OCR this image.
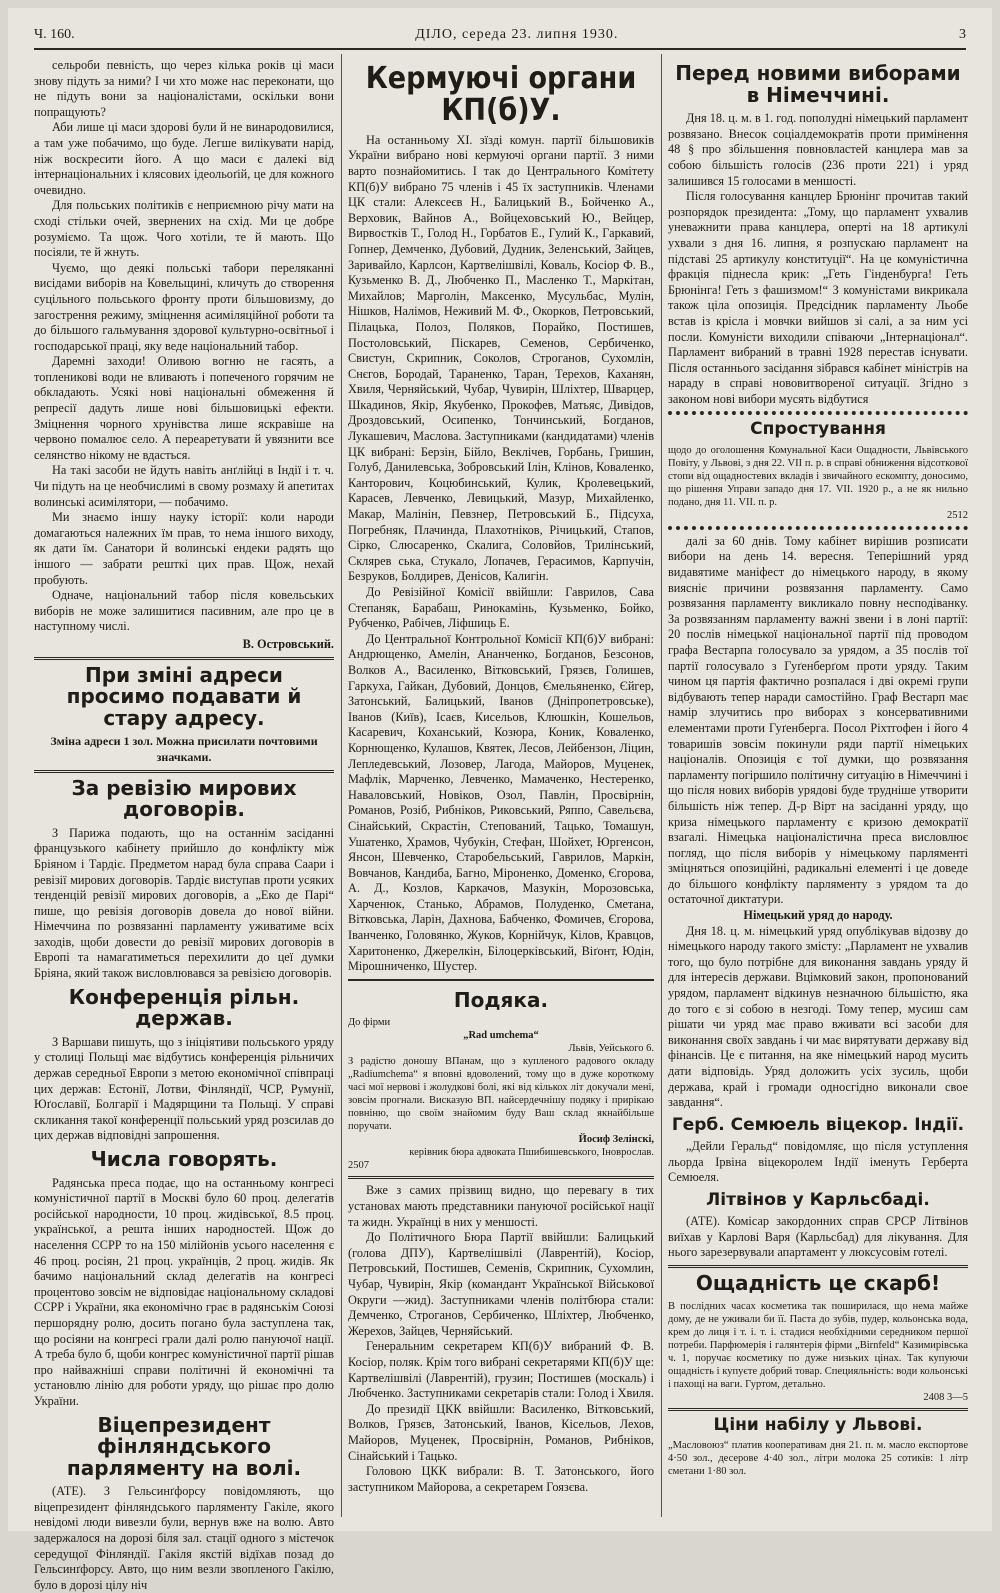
Ч. 160.	ДІЛО, середа 23. липня 1930.	3

сельроби певність, що через кілька років ці маси знову підуть за ними? І чи хто може нас переконати, що не підуть вони за націоналістами, оскільки вони попращують?

Аби лише ці маси здорові були й не винародовилися, а там уже побачимо, що буде. Легше вилікувати нарід, ніж воскресити його. А що маси є далекі від інтернаціональних і клясових ідеольоґій, це для кожного очевидно.

Для польських політиків є неприємною річу мати на сході стільки очей, звернених на схід. Ми це добре розуміємо. Та щож. Чого хотіли, те й мають. Що посіяли, те й жнуть.

Чуємо, що деякі польські табори переляканні висідами виборів на Ковельщині, кличуть до створення суцільного польського фронту проти більшовизму, до загострення режиму, зміцнення асиміляційної роботи та до більшого гальмування здорової культурно-освітньої і господарської праці, яку веде національний табор.

Даремні заходи! Оливою вогню не гасять, а топленикові води не вливають і попеченого горячим не обкладають. Усякі нові національні обмеження й репресії дадуть лише нові більшовицькі ефекти. Зміцнення чорного хрунівства лише яскравіше на червоно помалює село. А переаретувати й увязнити все селянство нікому не вдасться.

На такі засоби не йдуть навіть анґлійці в Індії і т. ч. Чи підуть на це необчислимі в свому розмаху й апетитах волинські асимілятори, — побачимо.

Ми знаємо іншу науку історії: коли народи домагаються належних їм прав, то нема іншого виходу, як дати їм. Санатори й волинські ендеки радять що іншого — забрати решткі цих прав. Щож, нехай пробують.

Одначе, національний табор після ковельських виборів не може залишитися пасивним, але про це в наступному числі.

В. Островський.
При зміні адреси просимо подавати й стару адресу.
Зміна адреси 1 зол. Можна присилати почтовими значками.
За ревізію мирових договорів.

З Парижа подають, що на останнім засіданні французького кабінету прийшло до конфлікту між Бріяном і Тардіє. Предметом нарад була справа Саари і ревізії мирових договорів. Тардіє виступав проти усяких тенденцій ревізії мирових договорів, а „Еко де Парі“ пише, що ревізія договорів довела до нової війни. Німеччина по розвязанні парламенту уживатиме всіх заходів, щоби довести до ревізії мирових договорів в Европі та намагатиметься перехилити до цеї думки Бріяна, який також висловлювався за ревізією договорів.

Конференція рільн. держав.

З Варшави пишуть, що з ініціятиви польського уряду у столиці Польщі має відбутись конференція рільничих держав середньої Европи з метою економічної співпраці цих держав: Естонії, Лотви, Фінляндії, ЧСР, Румунії, Юґославії, Болгарії і Мадярщини та Польщі. У справі скликання такої конференції польський уряд розсилав до цих держав відповідні запрошення.

Числа говорять.

Радянська преса подає, що на останньому конгресі комуністичної партії в Москві було 60 проц. делегатів російської народности, 10 проц. жидівської, 8.5 проц. української, а решта інших народностей. Щож до населення ССРР то на 150 мілійонів усього населення є 46 проц. росіян, 21 проц. українців, 2 проц. жидів. Як бачимо національний склад делегатів на конгресі процентово зовсім не відповідає національному складові ССРР і України, яка економічно грає в радянськім Союзі першорядну ролю, досить погано була заступлена так, що росіяни на конгресі грали далі ролю пануючої нації. А треба було б, щоби конгрес комуністичної партії рішав про найважніші справи політичні й економічні та установлю лінію для роботи уряду, що рішає про долю України.

Віцепрезидент фінляндського парляменту на волі.

(АТЕ). З Гельсинґфорсу повідомляють, що віцепрезидент фінляндського парляменту Гакіле, якого невідомі люди вивезли були, вернув вже на волю. Авто задержалося на дорозі біля зал. стації одного з містечок середущої Фінляндії. Гакіля якстій відїхав позад до Гельсинґфорсу. Авто, що ним везли звопленого Гакілю, було в дорозі цілу ніч

Кермуючі органи КП(б)У.

На останньому XI. зїзді комун. партії більшовиків України вибрано нові кермуючі органи партії. З ними варто познайомитись. І так до Центрального Комітету КП(б)У вибрано 75 членів і 45 їх заступників. Членами ЦК стали: Алексеєв Н., Балицький В., Бойченко А., Верховик, Вайнов А., Войцеховський Ю., Вейцер, Вирвостків Т., Голод Н., Горбатов Е., Гулий К., Гаркавий, Гопнер, Демченко, Дубовий, Дудник, Зеленський, Зайцев, Заривайло, Карлсон, Картвелішвілі, Коваль, Косіор Ф. В., Кузьменко В. Д., Любченко П., Масленко Т., Маркітан, Михайлов; Марголін, Максенко, Мусульбас, Мулін, Нішков, Налімов, Неживий М. Ф., Окорков, Петровський, Пілацька, Полоз, Поляков, Порайко, Постишев, Постоловський, Піскарев, Семенов, Сербиченко, Свистун, Скрипник, Соколов, Строганов, Сухомлін, Снєгов, Бородай, Тараненко, Таран, Терехов, Каханян, Хвиля, Черняйський, Чубар, Чувирін, Шліхтер, Шварцер, Шкадинов, Якір, Якубенко, Прокофев, Матьяс, Дивідов, Дроздовський, Осипенко, Тончинський, Богданов, Лукашевич, Маслова. Заступниками (кандидатами) членів ЦК вибрані: Берзін, Бійло, Веклічев, Горбань, Гришин, Голуб, Данилевська, Зобровський Ілін, Клінов, Коваленко, Канторович, Коцюбинський, Кулик, Кролевецький, Карасев, Левченко, Левицький, Мазур, Михайленко, Макар, Малінін, Певзнер, Петровський Б., Підсуха, Погребняк, Плачинда, Плахотніков, Річицький, Стапов, Сірко, Слюсаренко, Скалига, Соловйов, Трилінський, Склярев ська, Стукало, Лопачев, Герасимов, Карпучін, Безруков, Болдирев, Денісов, Калигін.

До Ревізійної Комісії ввійшли: Гаврилов, Сава Степаняк, Барабаш, Ринокамінь, Кузьменко, Бойко, Рубченко, Рабічев, Ліфшиць Е.

До Центральної Контрольної Комісії КП(б)У вибрані: Андрющенко, Амелін, Ананченко, Богданов, Безсонов, Волков А., Василенко, Вітковський, Грязєв, Голишев, Гаркуха, Гайкан, Дубовий, Донцов, Ємельяненко, Єйгер, Затонський, Балицький, Іванов (Дніпропетровське), Іванов (Київ), Ісаєв, Кисельов, Клюшкін, Кошельов, Касаревич, Коханський, Козюра, Коник, Коваленко, Корнющенко, Кулашов, Квятек, Лесов, Лейбензон, Ліцин, Лепледевський, Лозовер, Лагода, Майоров, Муценек, Мафлік, Марченко, Левченко, Мамаченко, Нестеренко, Наваловський, Новіков, Озол, Павлін, Просвірнін, Романов, Розіб, Рибніков, Риковський, Ряппо, Савельєва, Сінайський, Скрастін, Степований, Тацько, Томашун, Ушатенко, Храмов, Чубукін, Стефан, Шойхет, Юргенсон, Янсон, Шевченко, Старобельський, Гаврилов, Маркін, Вовчанов, Кандиба, Багно, Міроненко, Доменко, Єгорова, А. Д., Козлов, Каркачов, Мазукін, Морозовська, Харченюк, Станько, Абрамов, Полуденко, Сметана, Вітковська, Ларін, Дахнова, Бабченко, Фомичев, Єгорова, Іванченко, Головянко, Жуков, Корнійчук, Кілов, Кравцов, Харитоненко, Джерелкін, Білоцерківський, Віґонт, Юдін, Мірошниченко, Шустер.

Подяка.

До фірми

„Rad umchema“

Львів, Уейського 6.

З радістю доношу ВПанам, що з купленого радового окладу „Radiumchema“ я вповні вдоволений, тому що в дуже короткому часі мої нервові і жолудкові болі, які від кількох літ докучали мені, зовсім прогнали. Висказую ВП. найсердечнішу подяку і прирікаю повніню, що своїм знайомим буду Ваш склад якнайбільше поручати.

Йосиф Зелінскі,

керівник бюра адвоката Пшибишевського, Іноврослав.

2507

Вже з самих прізвищ видно, що перевагу в тих установах мають представники пануючої російської нації та жидн. Українці в них у меншості.

До Політичного Бюра Партії ввійшли: Балицький (голова ДПУ), Картвелішвілі (Лаврентій), Косіор, Петровський, Постишев, Семенів, Скрипник, Сухомлин, Чубар, Чувирін, Якір (командант Української Військової Округи —жид). Заступниками членів політбюра стали: Демченко, Строганов, Сербиченко, Шліхтер, Любченко, Жерехов, Зайцев, Черняйський.

Генеральним секретарем КП(б)У вибраний Ф. В. Косіор, поляк. Крім того вибрані секретарями КП(б)У ще: Картвелішвілі (Лаврентій), грузин; Постишев (москаль) і Любченко. Заступниками секретарів стали: Голод і Хвиля.

До президії ЦКК ввійшли: Василенко, Вітковський, Волков, Грязєв, Затонський, Іванов, Кісельов, Лехов, Майоров, Муценек, Просвірнін, Романов, Рибніков, Сінайський і Тацько.

Головою ЦКК вибрали: В. Т. Затонського, його заступником Майорова, а секретарем Гоязєва.

Перед новими виборами в Німеччині.

Дня 18. ц. м. в 1. год. пополудні німецький парламент розвязано. Внесок соціалдемократів проти примінення 48 § про збільшення повновластей канцлера мав за собою більшість голосів (236 проти 221) і уряд залишився 15 голосами в меншості.

Після голосування канцлер Брюнінг прочитав такий розпорядок президента: „Тому, що парламент ухвалив уневажнити права канцлера, оперті на 18 артикулі ухвали з дня 16. липня, я розпускаю парламент на підставі 25 артикулу конституції“. На це комуністична фракція піднесла крик: „Геть Гінденбурга! Геть Брюнінга! Геть з фашизмом!“ З комуністами викрикала також ціла опозиція. Предсідник парламенту Льобе встав із крісла і мовчки вийшов зі салі, а за ним усі посли. Комуністи виходили співаючи „Інтернаціонал“. Парламент вибраний в травні 1928 перестав існувати. Після останнього засідання зібрався кабінет міністрів на нараду в справі нововитвореної ситуації. Згідно з законом нові вибори мусять відбутися

Спростування

щодо до оголошення Комунальної Каси Ощадности, Львівського Повіту, у Львові, з дня 22. VII п. р. в справі обниження відсоткової стопи від ощадностевих вкладів і звичайного ескомпту, доносимо, що рішення Управи западо дня 17. VII. 1920 р., а не як нильно подано, дня 11. VII. п. р.

2512

далі за 60 днів. Тому кабінет вирішив розписати вибори на день 14. вересня. Теперішний уряд видавятиме маніфест до німецького народу, в якому виясніє причини розвязання парламенту. Само розвязання парламенту викликало повну несподіванку. За розвязанням парламенту важні звени і в лоні партії: 20 послів німецької національної партії під проводом графа Вестарпа голосувало за урядом, а 35 послів тої партії голосувало з Гуґенберґом проти уряду. Таким чином ця партія фактично розпалася і дві окремі групи відбувають тепер наради самостійно. Граф Вестарп має намір злучитись про виборах з консервативними елементами проти Гуґенберга. Посол Ріхтгофен і його 4 товаришів зовсім покинули ряди партії німецьких націоналів. Опозиція є тої думки, що розвязання парламенту погіршило політичну ситуацію в Німеччині і що після нових виборів урядові буде трудніше утворити більшість ніж тепер. Д-р Вірт на засіданні уряду, що криза німецького парламенту є кризою демократії взагалі. Німецька націоналістична преса висловлює погляд, що після виборів у німецькому парляменті зміцняться опозиційні, радикальні елементі і це доведе до більшого конфлікту парляменту з урядом та до остаточної диктатури.

Німецький уряд до народу.

Дня 18. ц. м. німецький уряд опублікував відозву до німецького народу такого змісту: „Парламент не ухвалив того, що було потрібне для виконання завдань уряду й для інтересів держави. Вцімковий закон, пропонований урядом, парламент відкинув незначною більшістю, яка до того є зі собою в незгоді. Тому тепер, мусиш сам рішати чи уряд має право вживати всі засоби для виконання своїх завдань і чи має вирятувати державу від фінансів. Це є питання, на яке німецький народ мусить дати відповідь. Уряд доложить усіх зусиль, щоби держава, край і громади односгідно виконали свое завдання“.

Герб. Семюель віцекор. Індії.

„Дейли Геральд“ повідомляє, що після уступлення льорда Ірвіна віцекоролем Індії іменуть Герберта Семюеля.

Літвінов у Карльсбаді.

(АТЕ). Комісар закордонних справ СРСР Літвінов виїхав у Карлові Варя (Карльсбад) для лікування. Для нього зарезервували апартамент у люксусовім готелі.

Ощадність це скарб!

В послідних часах косметика так поширилася, що нема майже дому, де не уживали би її. Паста до зубів, пудер, кольонська вода, крем до лиця і т. і. т. і. стадися необхідними середником першої потреби. Парфюмерія і галянтерія фірми „Birnfeld“ Казимирівська ч. 1, поручає косметику по дуже низьких цінах. Так купуючи ощадність і купуєте добрий товар. Специяльність: води кольонські і пахощі на ваги. Гуртом, детально.

2408 3—5

Ціни набілу у Львові.

„Масловоюз“ платив кооперативам дня 21. п. м. масло експортове 4·50 зол., десерове 4·40 зол., літри молока 25 сотиків: 1 літр сметани 1·80 зол.
